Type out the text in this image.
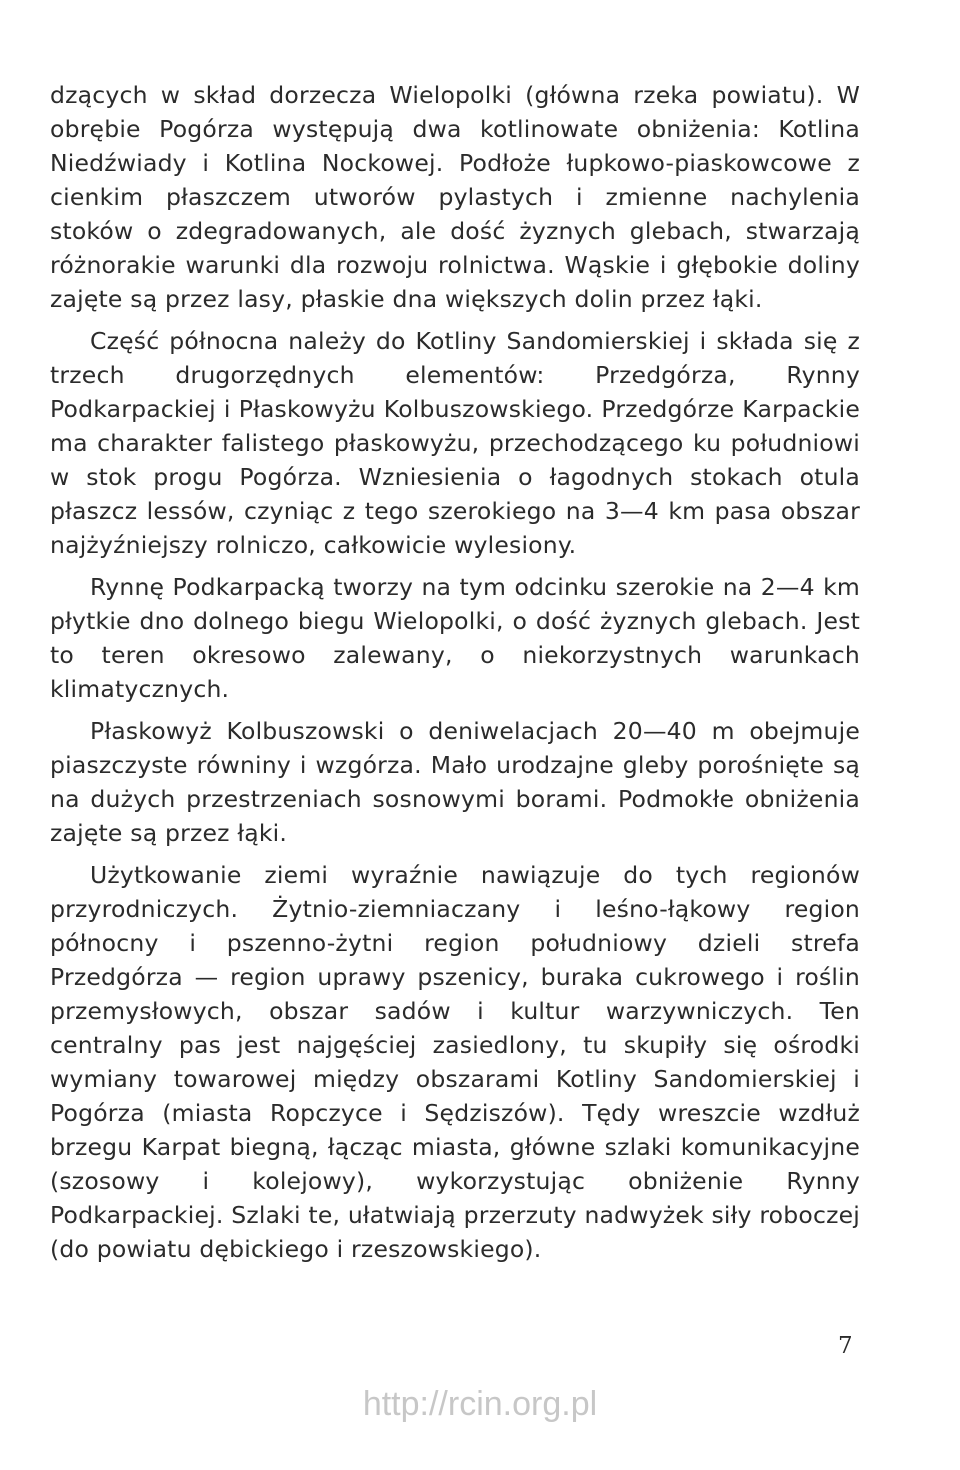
dzących w skład dorzecza Wielopolki (główna rzeka powiatu). W obrębie Pogórza występują dwa kotlinowate obniżenia: Kotlina Niedźwiady i Kotlina Nockowej. Podłoże łupkowo-piaskowcowe z cienkim płaszczem utworów pylastych i zmienne nachylenia stoków o zdegradowanych, ale dość żyznych glebach, stwarzają różnorakie warunki dla rozwoju rolnictwa. Wąskie i głębokie doliny zajęte są przez lasy, płaskie dna większych dolin przez łąki.

Część północna należy do Kotliny Sandomierskiej i składa się z trzech drugorzędnych elementów: Przedgórza, Rynny Podkarpackiej i Płaskowyżu Kolbuszowskiego. Przedgórze Karpackie ma charakter falistego płaskowyżu, przechodzącego ku południowi w stok progu Pogórza. Wzniesienia o łagodnych stokach otula płaszcz lessów, czyniąc z tego szerokiego na 3—4 km pasa obszar najżyźniejszy rolniczo, całkowicie wylesiony.

Rynnę Podkarpacką tworzy na tym odcinku szerokie na 2—4 km płytkie dno dolnego biegu Wielopolki, o dość żyznych glebach. Jest to teren okresowo zalewany, o niekorzystnych warunkach klimatycznych.

Płaskowyż Kolbuszowski o deniwelacjach 20—40 m obejmuje piaszczyste równiny i wzgórza. Mało urodzajne gleby porośnięte są na dużych przestrzeniach sosnowymi borami. Podmokłe obniżenia zajęte są przez łąki.

Użytkowanie ziemi wyraźnie nawiązuje do tych regionów przyrodniczych. Żytnio-ziemniaczany i leśno-łąkowy region północny i pszenno-żytni region południowy dzieli strefa Przedgórza — region uprawy pszenicy, buraka cukrowego i roślin przemysłowych, obszar sadów i kultur warzywniczych. Ten centralny pas jest najgęściej zasiedlony, tu skupiły się ośrodki wymiany towarowej między obszarami Kotliny Sandomierskiej i Pogórza (miasta Ropczyce i Sędziszów). Tędy wreszcie wzdłuż brzegu Karpat biegną, łącząc miasta, główne szlaki komunikacyjne (szosowy i kolejowy), wykorzystując obniżenie Rynny Podkarpackiej. Szlaki te, ułatwiają przerzuty nadwyżek siły roboczej (do powiatu dębickiego i rzeszowskiego).

7
http://rcin.org.pl
